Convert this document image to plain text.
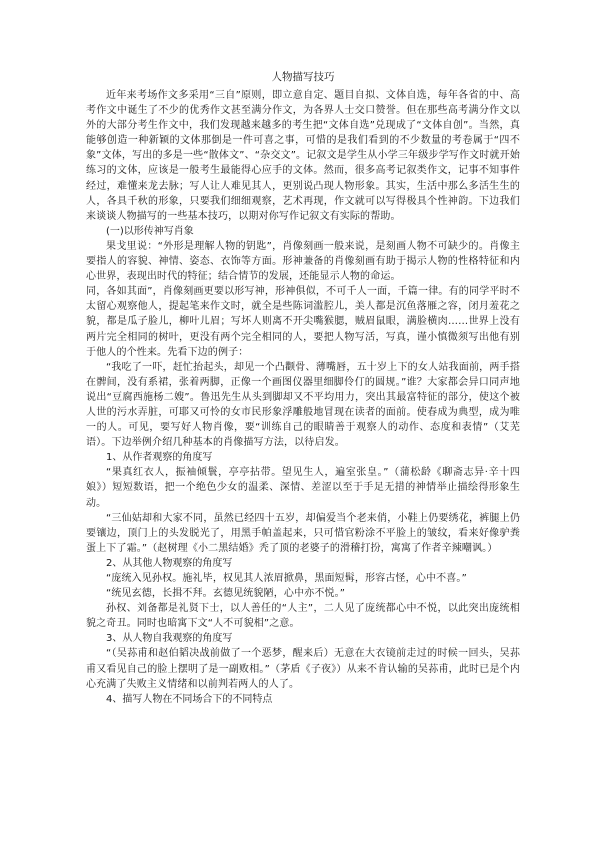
人物描写技巧

近年来考场作文多采用“三自”原则，即立意自定、题目自拟、文体自选，每年各省的中、高考作文中诞生了不少的优秀作文甚至满分作文，为各界人士交口赞誉。但在那些高考满分作文以外的大部分考生作文中，我们发现越来越多的考生把“文体自选”兑现成了“文体自创”。当然，真能够创造一种新颖的文体那倒是一件可喜之事，可惜的是我们看到的不少数量的考卷属于“四不象”文体，写出的多是一些“散体文”、“杂交文”。记叙文是学生从小学三年级步学写作文时就开始练习的文体，应该是一般考生最能得心应手的文体。然而，很多高考记叙类作文，记事不知事件经过，难懂来龙去脉；写人让人难见其人，更别说凸现人物形象。其实，生活中那么多活生生的人，各具千秋的形象，只要我们细细观察，艺术再现，作文就可以写得极具个性神韵。下边我们来谈谈人物描写的一些基本技巧，以期对你写作记叙文有实际的帮助。

(一)以形传神写肖象

果戈里说：“外形是理解人物的钥匙”，肖像刻画一般来说，是刻画人物不可缺少的。肖像主要指人的容貌、神情、姿态、衣饰等方面。形神兼备的肖像刻画有助于揭示人物的性格特征和内心世界，表现出时代的特征；结合情节的发展，还能显示人物的命运。

同，各如其面”，肖像刻画更要以形写神，形神俱似，不可千人一面，千篇一律。有的同学平时不太留心观察他人，提起笔来作文时，就全是些陈词滥腔儿，美人都是沉鱼落雁之容，闭月羞花之貌，都是瓜子脸儿，柳叶儿眉；写坏人则离不开尖嘴猴腮，贼眉鼠眼，满脸横肉……世界上没有两片完全相同的树叶，更没有两个完全相同的人，要把人物写活，写真，谨小慎微须写出他有别于他人的个性来。先看下边的例子：

“我吃了一吓，赶忙抬起头，却见一个凸颧骨、薄嘴唇，五十岁上下的女人站我面前，两手搭在髀间，没有系裙，张着两脚，正像一个画图仪器里细脚伶仃的圆规。”谁？大家都会异口同声地说出“豆腐西施杨二嫂”。鲁迅先生从头到脚却又不平均用力，突出其最富特征的部分，使这个被人世的污水弄脏，可耶又可怜的女市民形象浮雕般地冒现在读者的面前。使春成为典型，成为唯一的人。可见，要写好人物肖像，要“训练自己的眼睛善于观察人的动作、态度和表情”（艾芜语）。下边举例介绍几种基本的肖像描写方法，以待启发。

1、从作者观察的角度写

“果真红衣人，振袖倾鬟，亭亭拈带。望见生人，遍室张皇。”（蒲松龄《聊斋志异·辛十四娘》）短短数语，把一个绝色少女的温柔、深情、差涩以至于手足无措的神情举止描绘得形象生动。

“三仙姑却和大家不同，虽然已经四十五岁，却偏爱当个老来俏，小鞋上仍要绣花，裤腿上仍要镶边，顶门上的头发脱光了，用黑手帕盖起来，只可惜官粉涂不平脸上的皱纹，看来好像驴粪蛋上下了霜。”（赵树理《小二黑结婚》秃了顶的老婆子的滑稽打扮，寓寓了作者辛辣嘲讽。）

2、从其他人物观察的角度写

“庞统入见孙权。施礼毕，权见其人浓眉掀鼻，黑面短髯，形容古怪，心中不喜。”

“统见玄德，长揖不拜。玄德见统貌陋，心中亦不悦。”

孙权、刘备都是礼贤下士，以人善任的“人主”，二人见了庞统都心中不悦，以此突出庞统相貌之奇丑。同时也暗寓下文“人不可貌相”之意。

3、从人物自我观察的角度写

“（吴荪甫和赵伯韬决战前做了一个恶梦，醒来后）无意在大衣镜前走过的时候一回头，吴荪甫又看见自己的脸上摆明了是一副败相。”（茅盾《子夜》）从来不肯认输的吴荪甫，此时已是个内心充满了失败主义情绪和以前判若两人的人了。

4、描写人物在不同场合下的不同特点
